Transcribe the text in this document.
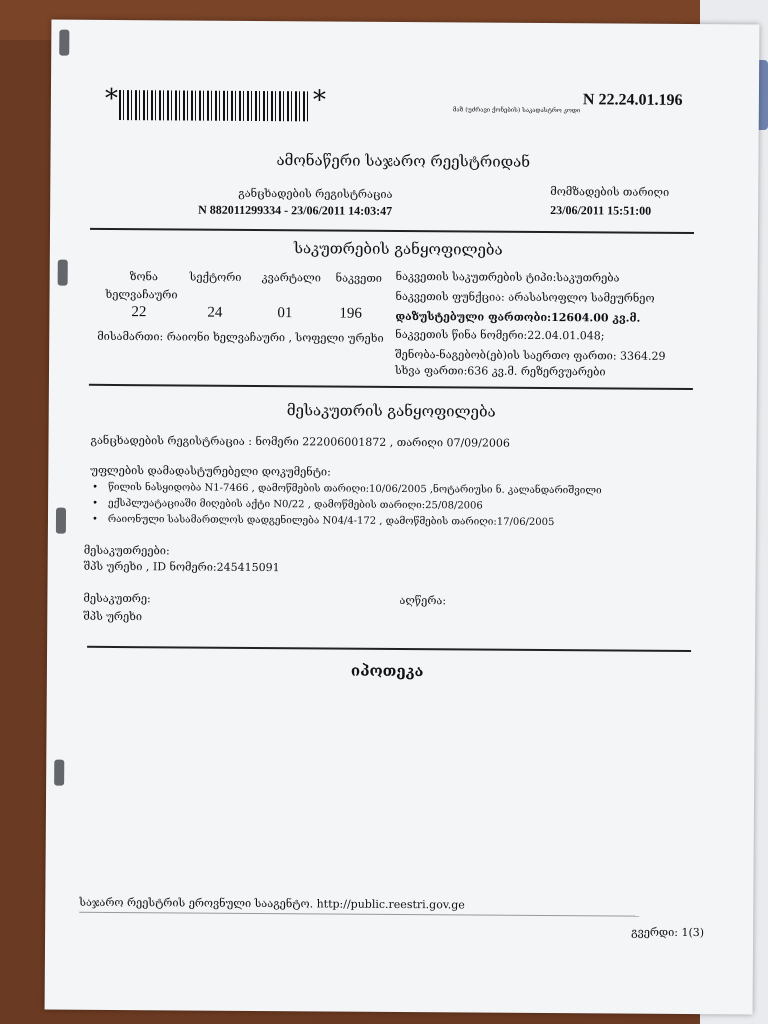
*	*	მაზ (უძრავი ქონების) საკადასტრო კოდი
N 22.24.01.196
ამონაწერი საჯარო რეესტრიდან
განცხადების რეგისტრაცია
N 882011299334 - 23/06/2011 14:03:47
მომზადების თარიღი
23/06/2011 15:51:00
საკუთრების განყოფილება
ზონა	სექტორი კვარტალი ნაკვეთი
ხელვაჩაური
22	24	01	196
მისამართი: რაიონი ხელვაჩაური , სოფელი ურეხი
ნაკვეთის საკუთრების ტიპი:საკუთრება
ნაკვეთის ფუნქცია: არასასოფლო სამეურნეო
დაზუსტებული ფართობი:12604.00 კვ.მ.
ნაკვეთის წინა ნომერი:22.04.01.048;
შენობა-ნაგებობ(ებ)ის საერთო ფართი: 3364.29
სხვა ფართი:636 კვ.მ. რეზერვუარები
მესაკუთრის განყოფილება
განცხადების რეგისტრაცია : ნომერი 222006001872 , თარიღი 07/09/2006
უფლების დამადასტურებელი დოკუმენტი:
• წილის ნასყიდობა N1-7466 , დამოწმების თარიღი:10/06/2005 ,ნოტარიუსი ნ. კალანდარიშვილი
• ექსპლუატაციაში მიღების აქტი N0/22 , დამოწმების თარიღი:25/08/2006
• რაიონული სასამართლოს დადგენილება N04/4-172 , დამოწმების თარიღი:17/06/2005
მესაკუთრეები:
შპს ურეხი , ID ნომერი:245415091
მესაკუთრე:
შპს ურეხი
აღწერა:
იპოთეკა
საჯარო რეესტრის ეროვნული სააგენტო. http://public.reestri.gov.ge
გვერდი: 1(3)
